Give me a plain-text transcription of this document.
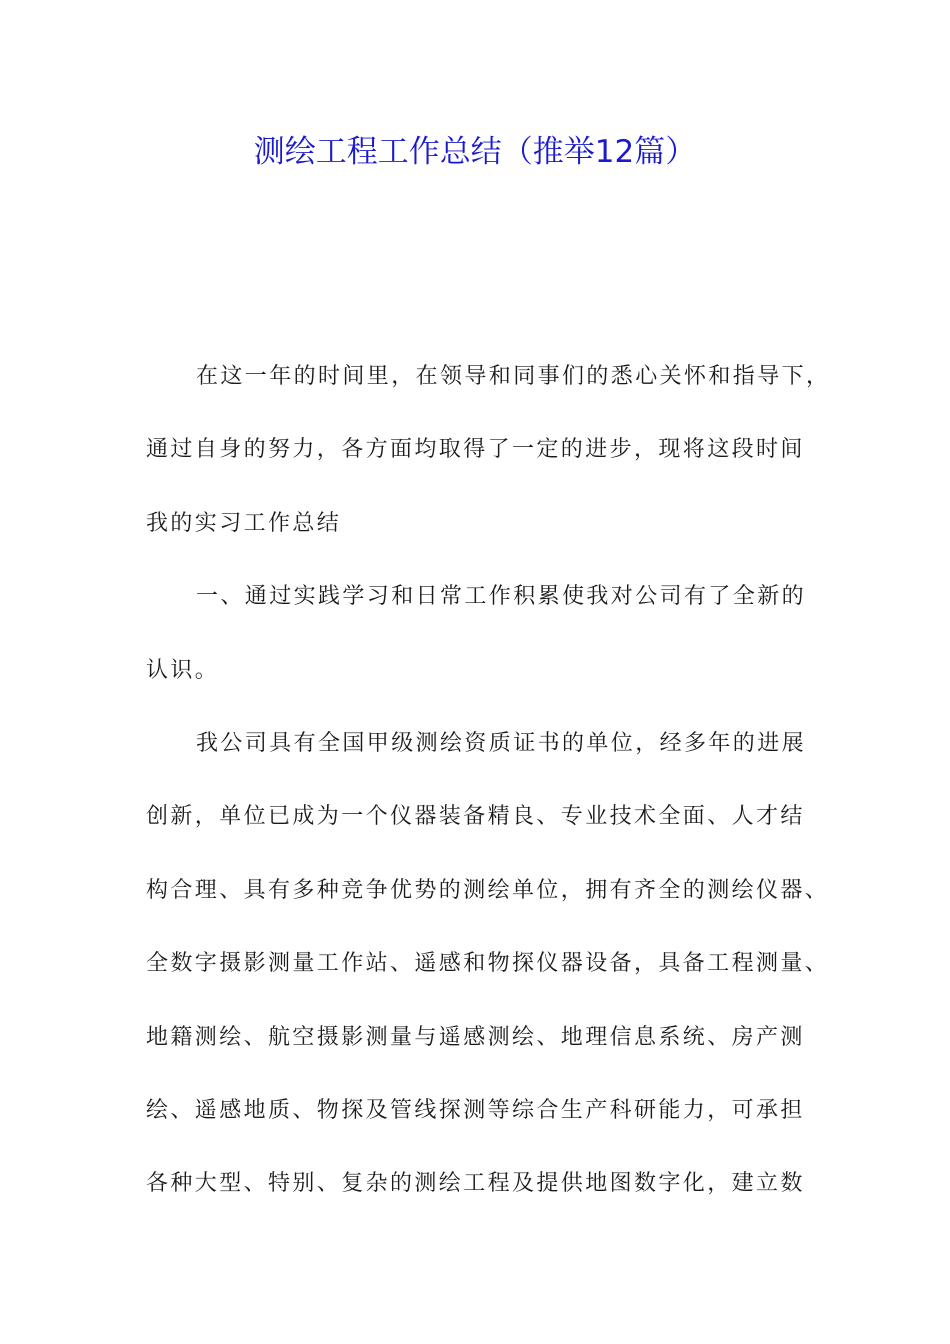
测绘工程工作总结（推举12篇）
在这一年的时间里，在领导和同事们的悉心关怀和指导下，
通过自身的努力，各方面均取得了一定的进步，现将这段时间
我的实习工作总结
一、通过实践学习和日常工作积累使我对公司有了全新的
认识。
我公司具有全国甲级测绘资质证书的单位，经多年的进展
创新，单位已成为一个仪器装备精良、专业技术全面、人才结
构合理、具有多种竞争优势的测绘单位，拥有齐全的测绘仪器、
全数字摄影测量工作站、遥感和物探仪器设备，具备工程测量、
地籍测绘、航空摄影测量与遥感测绘、地理信息系统、房产测
绘、遥感地质、物探及管线探测等综合生产科研能力，可承担
各种大型、特别、复杂的测绘工程及提供地图数字化，建立数
